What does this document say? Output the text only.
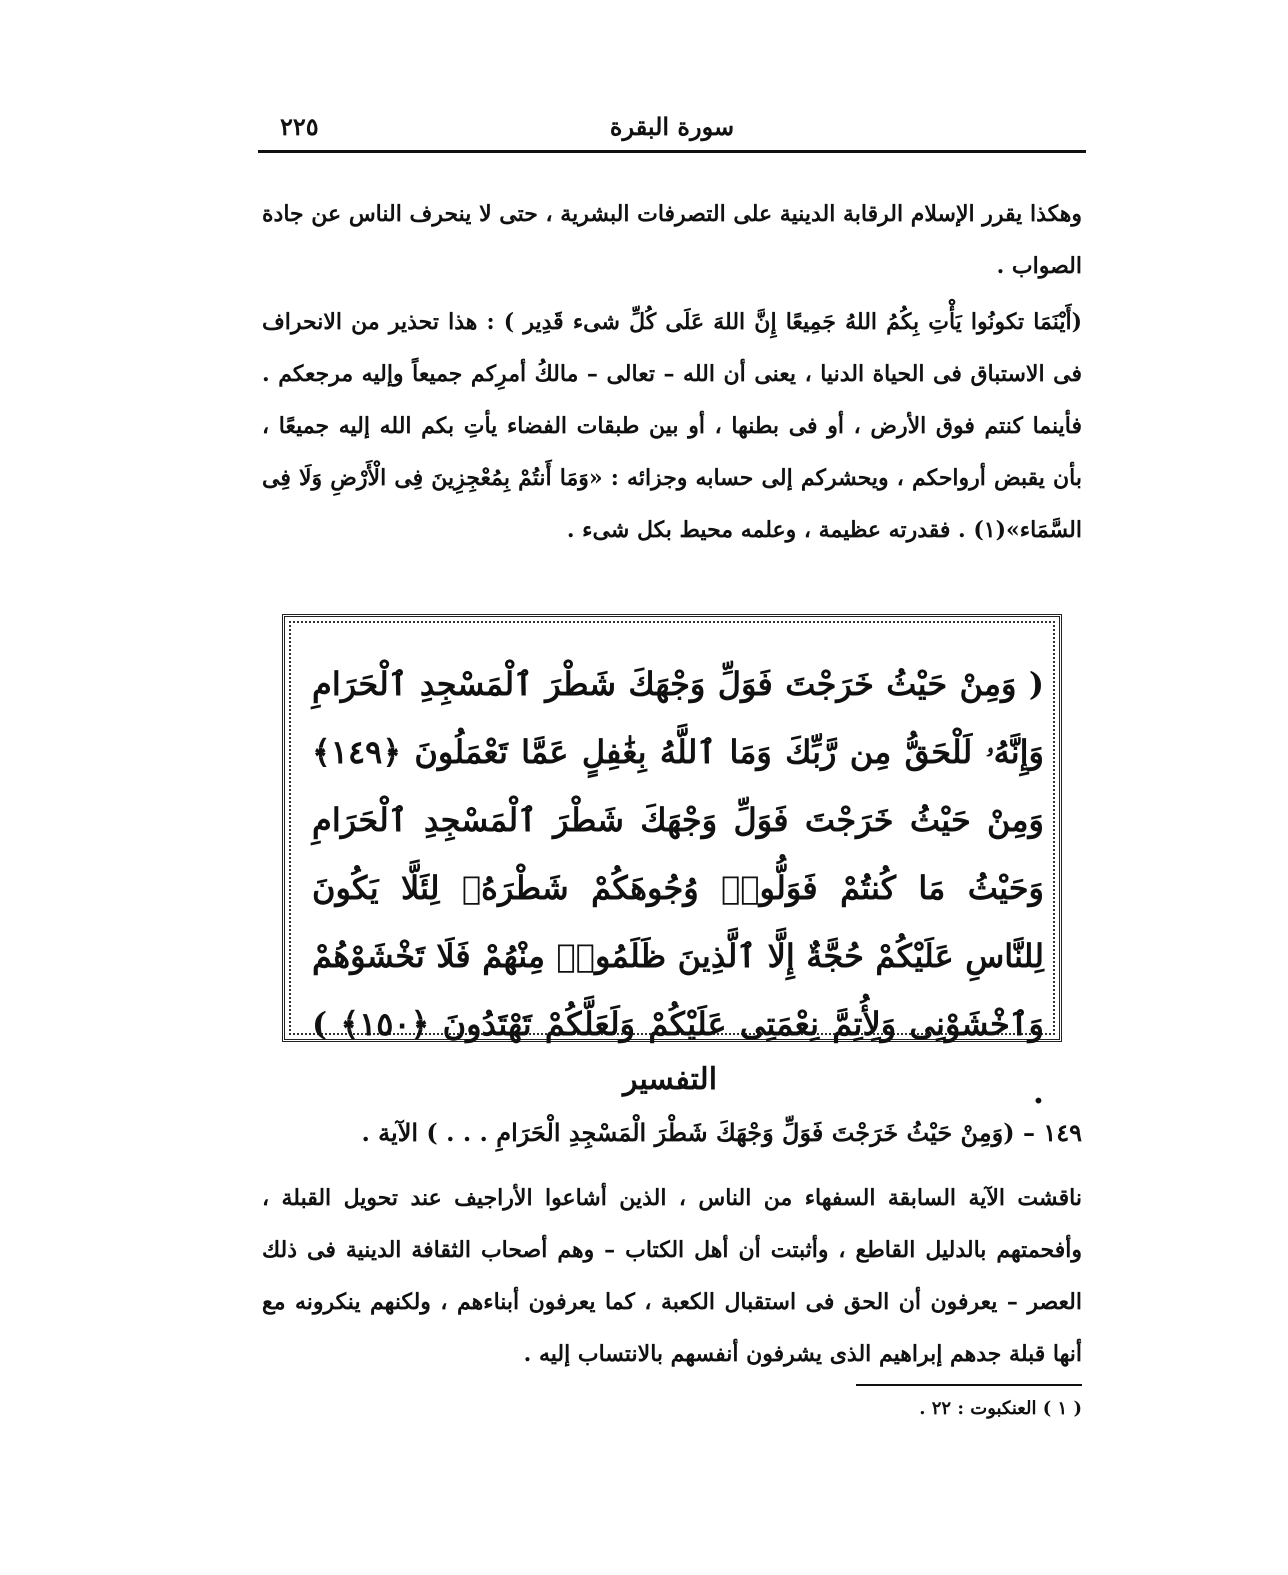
سورة البقرة
٢٢٥
وهكذا يقرر الإسلام الرقابة الدينية على التصرفات البشرية ، حتى لا ينحرف الناس عن جادة الصواب .
(أَيْنَمَا تكونُوا يَأْتِ بِكُمُ اللهُ جَمِيعًا إِنَّ اللهَ عَلَى كُلِّ شىء قَدِير ) : هذا تحذير من الانحراف فى الاستباق فى الحياة الدنيا ، يعنى أن الله – تعالى – مالكُ أمرِكم جميعاً وإليه مرجعكم . فأينما كنتم فوق الأرض ، أو فى بطنها ، أو بين طبقات الفضاء يأتِ بكم الله إليه جميعًا ، بأن يقبض أرواحكم ، ويحشركم إلى حسابه وجزائه : «وَمَا أَنتُمْ بِمُعْجِزِينَ فِى الْأَرْضِ وَلَا فِى السَّمَاء»(١) . فقدرته عظيمة ، وعلمه محيط بكل شىء .
( وَمِنْ حَيْثُ خَرَجْتَ فَوَلِّ وَجْهَكَ شَطْرَ ٱلْمَسْجِدِ ٱلْحَرَامِ وَإِنَّهُۥ لَلْحَقُّ مِن رَّبِّكَ وَمَا ٱللَّهُ بِغَٰفِلٍ عَمَّا تَعْمَلُونَ ﴿١٤٩﴾ وَمِنْ حَيْثُ خَرَجْتَ فَوَلِّ وَجْهَكَ شَطْرَ ٱلْمَسْجِدِ ٱلْحَرَامِ وَحَيْثُ مَا كُنتُمْ فَوَلُّوا۟ وُجُوهَكُمْ شَطْرَهُۥ لِئَلَّا يَكُونَ لِلنَّاسِ عَلَيْكُمْ حُجَّةٌ إِلَّا ٱلَّذِينَ ظَلَمُوا۟ مِنْهُمْ فَلَا تَخْشَوْهُمْ وَٱخْشَوْنِى وَلِأُتِمَّ نِعْمَتِى عَلَيْكُمْ وَلَعَلَّكُمْ تَهْتَدُونَ ﴿١٥٠﴾ ) .
التفسير
١٤٩ – (وَمِنْ حَيْثُ خَرَجْتَ فَوَلِّ وَجْهَكَ شَطْرَ الْمَسْجِدِ الْحَرَامِ . . . ) الآية .
ناقشت الآية السابقة السفهاء من الناس ، الذين أشاعوا الأراجيف عند تحويل القبلة ، وأفحمتهم بالدليل القاطع ، وأثبتت أن أهل الكتاب – وهم أصحاب الثقافة الدينية فى ذلك العصر – يعرفون أن الحق فى استقبال الكعبة ، كما يعرفون أبناءهم ، ولكنهم ينكرونه مع أنها قبلة جدهم إبراهيم الذى يشرفون أنفسهم بالانتساب إليه .
( ١ ) العنكبوت : ٢٢ .
